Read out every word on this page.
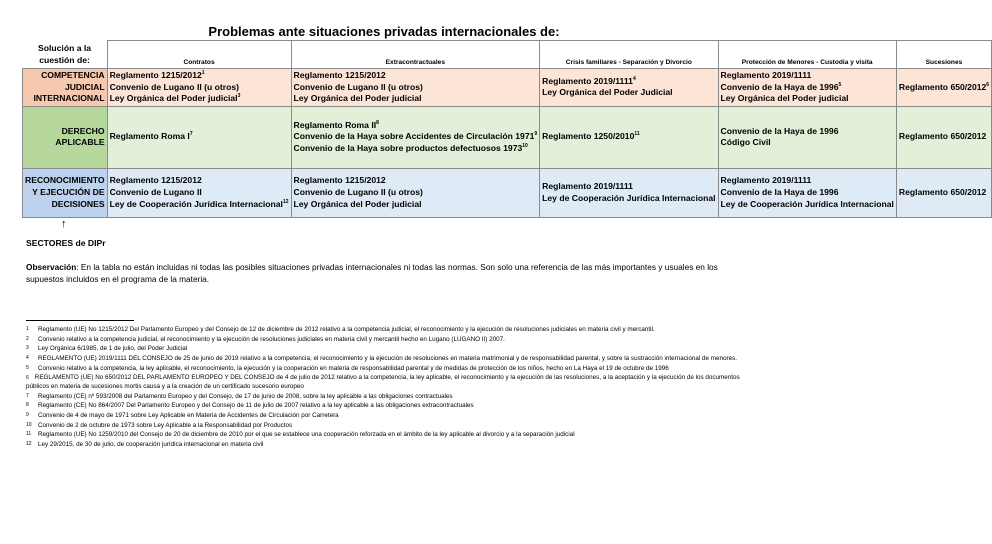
Problemas ante situaciones privadas internacionales de:
Solución a la
cuestión de:	Contratos	Extracontractuales	Crisis familiares - Separación y Divorcio	Protección de Menores - Custodia y visita	Sucesiones

COMPETENCIA
JUDICIAL
INTERNACIONAL	Reglamento 1215/2012$^1$
Convenio de Lugano II (u otros)
Ley Orgánica del Poder judicial$^3$	Reglamento 1215/2012
Convenio de Lugano II (u otros)
Ley Orgánica del Poder judicial	Reglamento 2019/1111$^4$
Ley Orgánica del Poder Judicial	Reglamento 2019/1111
Convenio de la Haya de 1996$^5$
Ley Orgánica del Poder judicial	Reglamento 650/2012$^6$

DERECHO
APLICABLE	Reglamento Roma $I^7$	Reglamento Roma $II^8$
Convenio de la Haya sobre Accidentes de Circulación 1971$^9$
Convenio de la Haya sobre productos defectuosos 1973$^{10}$	Reglamento 1250/2010$^{11}$	Convenio de la Haya de 1996
Código Civil	Reglamento 650/2012

RECONOCIMIENTO
Y EJECUCIÓN DE
DECISIONES	Reglamento 1215/2012
Convenio de Lugano II
Ley de Cooperación Jurídica Internacional$^{12}$	Reglamento 1215/2012
Convenio de Lugano II (u otros)
Ley Orgánica del Poder judicial	Reglamento 2019/1111
Ley de Cooperación Jurídica Internacional	Reglamento 2019/1111
Convenio de la Haya de 1996
Ley de Cooperación Jurídica Internacional	Reglamento 650/2012
↑
SECTORES de DIPr
Observación: En la tabla no están incluidas ni todas las posibles situaciones privadas internacionales ni todas las normas. Son solo una referencia de las más importantes y usuales en los supuestos incluidos en el programa de la materia.
1 Reglamento (UE) No 1215/2012 Del Parlamento Europeo y del Consejo de 12 de diciembre de 2012 relativo a la competencia judicial, el reconocimiento y la ejecución de resoluciones judiciales en materia civil y mercantil.
2 Convenio relativo a la competencia judicial, el reconocimiento y la ejecución de resoluciones judiciales en materia civil y mercantil hecho en Lugano (LUGANO II) 2007.
3 Ley Orgánica 6/1985, de 1 de julio, del Poder Judicial
4 REGLAMENTO (UE) 2019/1111 DEL CONSEJO de 25 de junio de 2019 relativo a la competencia, el reconocimiento y la ejecución de resoluciones en materia matrimonial y de responsabilidad parental, y sobre la sustracción internacional de menores.
5 Convenio relativo a la competencia, la ley aplicable, el reconocimiento, la ejecución y la cooperación en materia de responsabilidad parental y de medidas de protección de los niños, hecho en La Haya el 19 de octubre de 1996
6 REGLAMENTO (UE) No 650/2012 DEL PARLAMENTO EUROPEO Y DEL CONSEJO de 4 de julio de 2012 relativo a la competencia, la ley aplicable, el reconocimiento y la ejecución de las resoluciones, a la aceptación y la ejecución de los documentos públicos en materia de sucesiones mortis causa y a la creación de un certificado sucesorio europeo
7 Reglamento (CE) nº 593/2008 del Parlamento Europeo y del Consejo, de 17 de junio de 2008, sobre la ley aplicable a las obligaciones contractuales
8 Reglamento (CE) No 864/2007 Del Parlamento Europeo y del Consejo de 11 de julio de 2007 relativo a la ley aplicable a las obligaciones extracontractuales
9 Convenio de 4 de mayo de 1971 sobre Ley Aplicable en Materia de Accidentes de Circulación por Carretera
10 Convenio de 2 de octubre de 1973 sobre Ley Aplicable a la Responsabilidad por Productos
11 Reglamento (UE) No 1259/2010 del Consejo de 20 de diciembre de 2010 por el que se establece una cooperación reforzada en el ámbito de la ley aplicable al divorcio y a la separación judicial
12 Ley 29/2015, de 30 de julio, de cooperación jurídica internacional en materia civil
